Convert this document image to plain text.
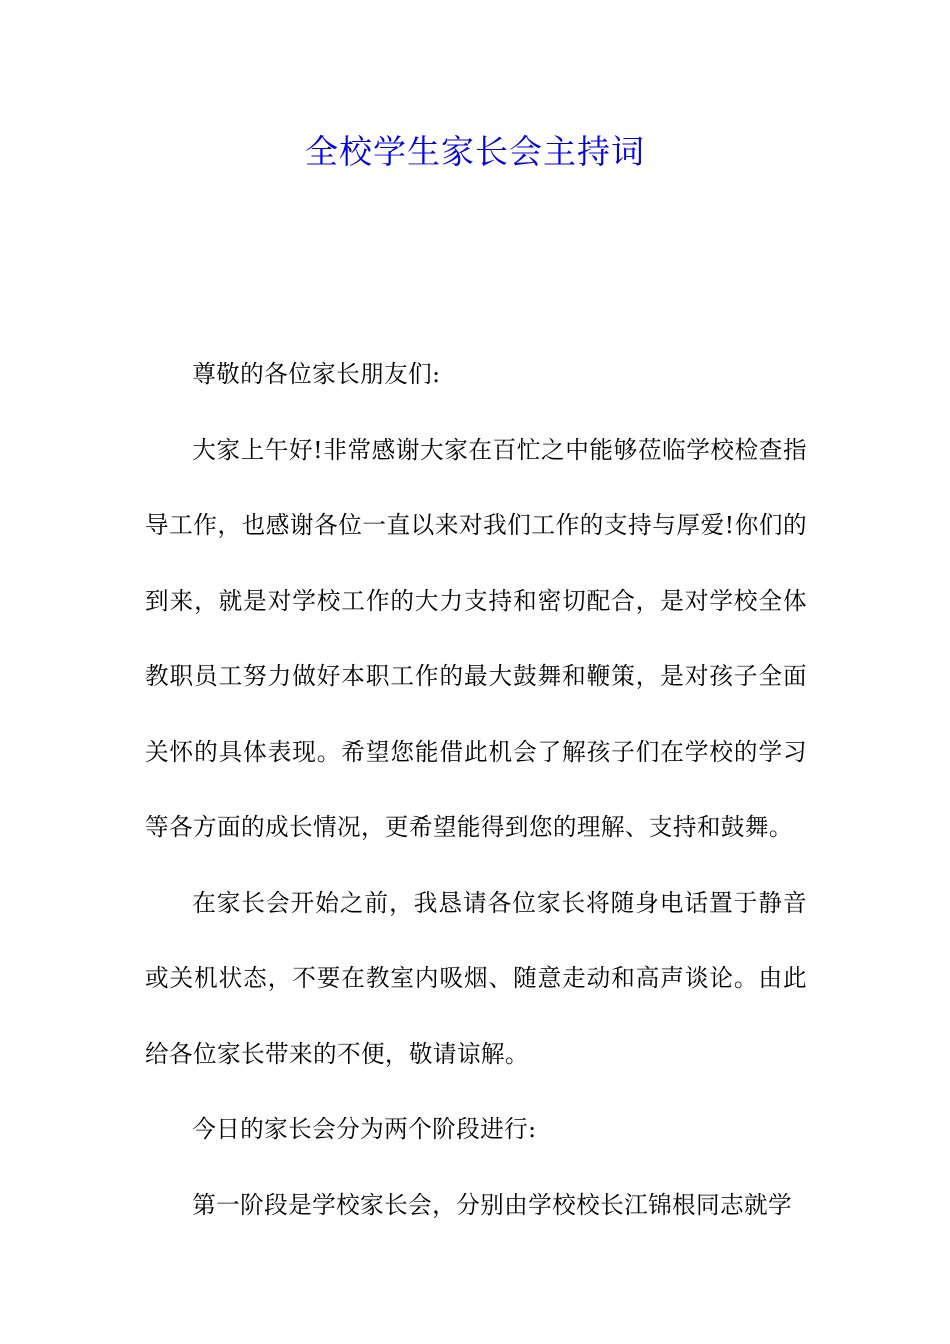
全校学生家长会主持词

尊敬的各位家长朋友们:

大家上午好!非常感谢大家在百忙之中能够莅临学校检查指导工作，也感谢各位一直以来对我们工作的支持与厚爱!你们的到来，就是对学校工作的大力支持和密切配合，是对学校全体教职员工努力做好本职工作的最大鼓舞和鞭策，是对孩子全面关怀的具体表现。希望您能借此机会了解孩子们在学校的学习等各方面的成长情况，更希望能得到您的理解、支持和鼓舞。

在家长会开始之前，我恳请各位家长将随身电话置于静音或关机状态，不要在教室内吸烟、随意走动和高声谈论。由此给各位家长带来的不便，敬请谅解。

今日的家长会分为两个阶段进行:

第一阶段是学校家长会，分别由学校校长江锦根同志就学
